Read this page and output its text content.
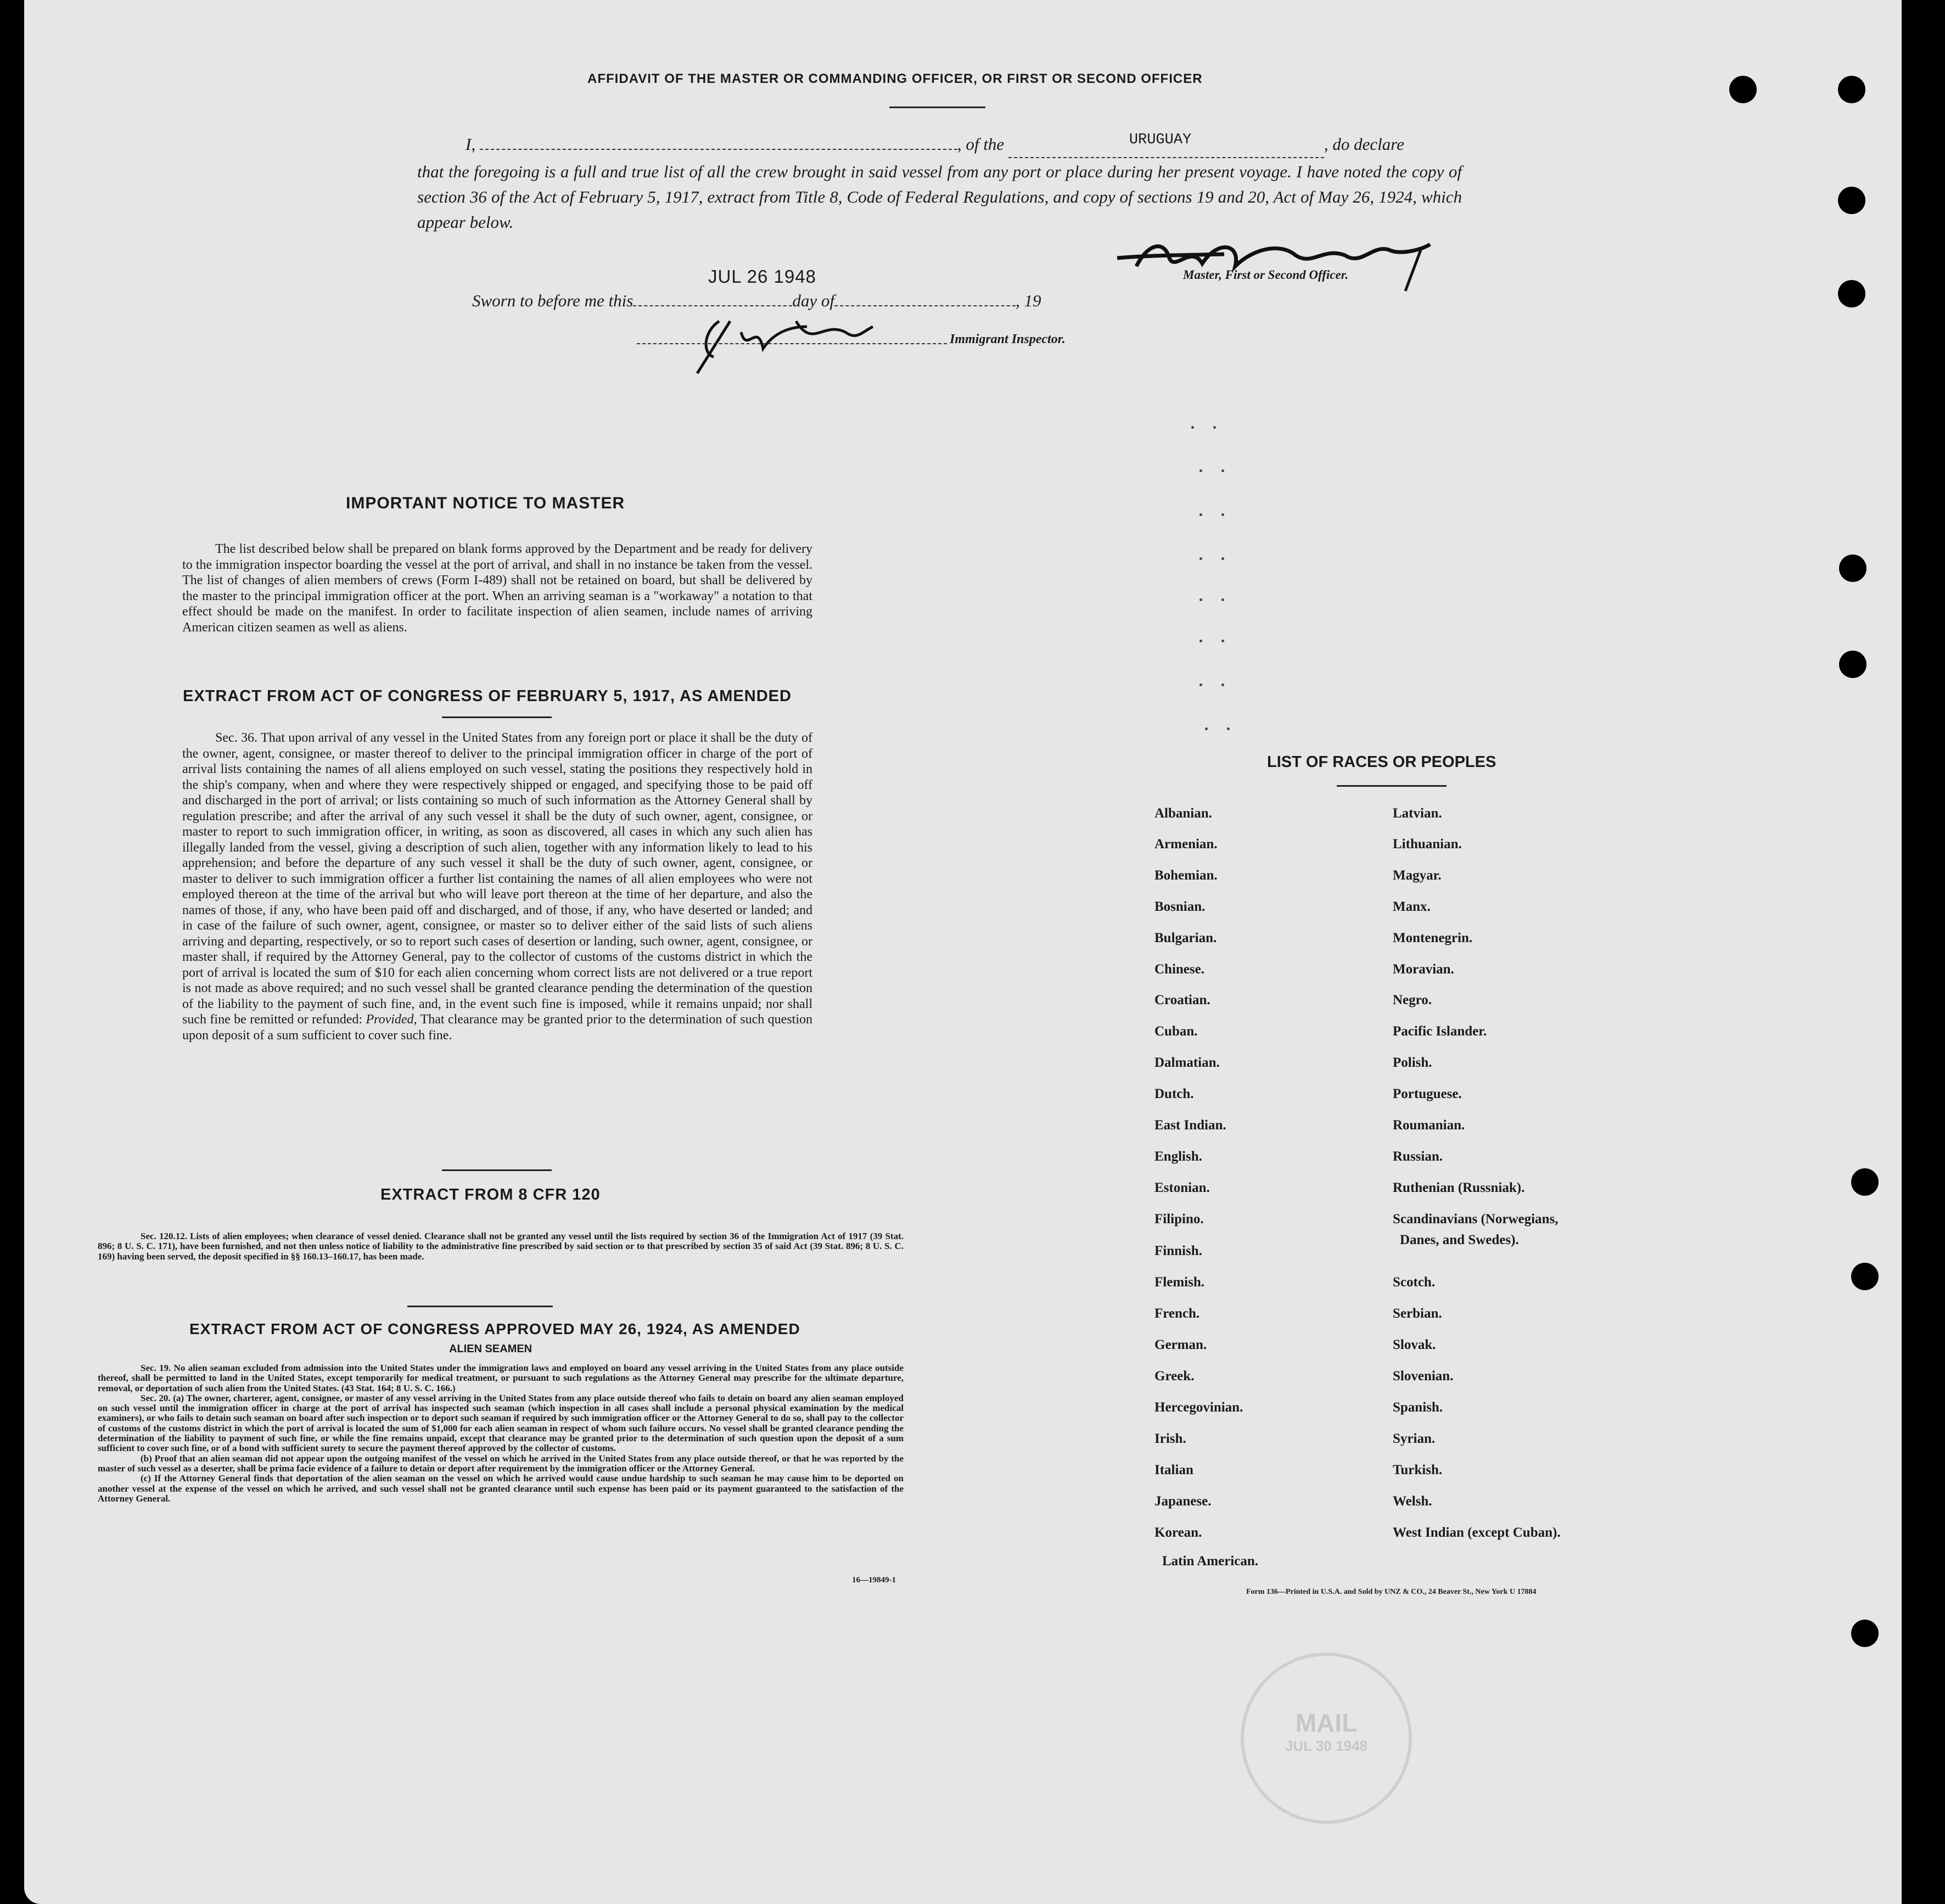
AFFIDAVIT OF THE MASTER OR COMMANDING OFFICER, OR FIRST OR SECOND OFFICER
I,	, of the	URUGUAY	, do declare
that the foregoing is a full and true list of all the crew brought in said vessel from any port or place during her present voyage. I have noted the copy of section 36 of the Act of February 5, 1917, extract from Title 8, Code of Federal Regulations, and copy of sections 19 and 20, Act of May 26, 1924, which appear below.
Master, First or Second Officer.
JUL 26 1948
Sworn to before me this	day of	, 19
Immigrant Inspector.
IMPORTANT NOTICE TO MASTER
The list described below shall be prepared on blank forms approved by the Department and be ready for delivery to the immigration inspector boarding the vessel at the port of arrival, and shall in no instance be taken from the vessel. The list of changes of alien members of crews (Form I-489) shall not be retained on board, but shall be delivered by the master to the principal immigration officer at the port. When an arriving seaman is a "workaway" a notation to that effect should be made on the manifest. In order to facilitate inspection of alien seamen, include names of arriving American citizen seamen as well as aliens.
EXTRACT FROM ACT OF CONGRESS OF FEBRUARY 5, 1917, AS AMENDED
Sec. 36. That upon arrival of any vessel in the United States from any foreign port or place it shall be the duty of the owner, agent, consignee, or master thereof to deliver to the principal immigration officer in charge of the port of arrival lists containing the names of all aliens employed on such vessel, stating the positions they respectively hold in the ship's company, when and where they were respectively shipped or engaged, and specifying those to be paid off and discharged in the port of arrival; or lists containing so much of such information as the Attorney General shall by regulation prescribe; and after the arrival of any such vessel it shall be the duty of such owner, agent, consignee, or master to report to such immigration officer, in writing, as soon as discovered, all cases in which any such alien has illegally landed from the vessel, giving a description of such alien, together with any information likely to lead to his apprehension; and before the departure of any such vessel it shall be the duty of such owner, agent, consignee, or master to deliver to such immigration officer a further list containing the names of all alien employees who were not employed thereon at the time of the arrival but who will leave port thereon at the time of her departure, and also the names of those, if any, who have been paid off and discharged, and of those, if any, who have deserted or landed; and in case of the failure of such owner, agent, consignee, or master so to deliver either of the said lists of such aliens arriving and departing, respectively, or so to report such cases of desertion or landing, such owner, agent, consignee, or master shall, if required by the Attorney General, pay to the collector of customs of the customs district in which the port of arrival is located the sum of $10 for each alien concerning whom correct lists are not delivered or a true report is not made as above required; and no such vessel shall be granted clearance pending the determination of the question of the liability to the payment of such fine, and, in the event such fine is imposed, while it remains unpaid; nor shall such fine be remitted or refunded: Provided, That clearance may be granted prior to the determination of such question upon deposit of a sum sufficient to cover such fine.
EXTRACT FROM 8 CFR 120
Sec. 120.12. Lists of alien employees; when clearance of vessel denied. Clearance shall not be granted any vessel until the lists required by section 36 of the Immigration Act of 1917 (39 Stat. 896; 8 U. S. C. 171), have been furnished, and not then unless notice of liability to the administrative fine prescribed by said section or to that prescribed by section 35 of said Act (39 Stat. 896; 8 U. S. C. 169) having been served, the deposit specified in §§ 160.13–160.17, has been made.
EXTRACT FROM ACT OF CONGRESS APPROVED MAY 26, 1924, AS AMENDED
ALIEN SEAMEN
Sec. 19. No alien seaman excluded from admission into the United States under the immigration laws and employed on board any vessel arriving in the United States from any place outside thereof, shall be permitted to land in the United States, except temporarily for medical treatment, or pursuant to such regulations as the Attorney General may prescribe for the ultimate departure, removal, or deportation of such alien from the United States. (43 Stat. 164; 8 U. S. C. 166.)
Sec. 20. (a) The owner, charterer, agent, consignee, or master of any vessel arriving in the United States from any place outside thereof who fails to detain on board any alien seaman employed on such vessel until the immigration officer in charge at the port of arrival has inspected such seaman (which inspection in all cases shall include a personal physical examination by the medical examiners), or who fails to detain such seaman on board after such inspection or to deport such seaman if required by such immigration officer or the Attorney General to do so, shall pay to the collector of customs of the customs district in which the port of arrival is located the sum of $1,000 for each alien seaman in respect of whom such failure occurs. No vessel shall be granted clearance pending the determination of the liability to payment of such fine, or while the fine remains unpaid, except that clearance may be granted prior to the determination of such question upon the deposit of a sum sufficient to cover such fine, or of a bond with sufficient surety to secure the payment thereof approved by the collector of customs.
(b) Proof that an alien seaman did not appear upon the outgoing manifest of the vessel on which he arrived in the United States from any place outside thereof, or that he was reported by the master of such vessel as a deserter, shall be prima facie evidence of a failure to detain or deport after requirement by the immigration officer or the Attorney General.
(c) If the Attorney General finds that deportation of the alien seaman on the vessel on which he arrived would cause undue hardship to such seaman he may cause him to be deported on another vessel at the expense of the vessel on which he arrived, and such vessel shall not be granted clearance until such expense has been paid or its payment guaranteed to the satisfaction of the Attorney General.
16—19849-1
LIST OF RACES OR PEOPLES
Albanian.
Armenian.
Bohemian.
Bosnian.
Bulgarian.
Chinese.
Croatian.
Cuban.
Dalmatian.
Dutch.
East Indian.
English.
Estonian.
Filipino.
Finnish.
Flemish.
French.
German.
Greek.
Hercegovinian.
Irish.
Italian
Japanese.
Korean.
Latin American.
Latvian.
Lithuanian.
Magyar.
Manx.
Montenegrin.
Moravian.
Negro.
Pacific Islander.
Polish.
Portuguese.
Roumanian.
Russian.
Ruthenian (Russniak).
Scandinavians (Norwegians,
Danes, and Swedes).
Scotch.
Serbian.
Slovak.
Slovenian.
Spanish.
Syrian.
Turkish.
Welsh.
West Indian (except Cuban).
Form 136—Printed in U.S.A. and Sold by UNZ & CO., 24 Beaver St., New York U 17884
MAIL
JUL 30 1948
